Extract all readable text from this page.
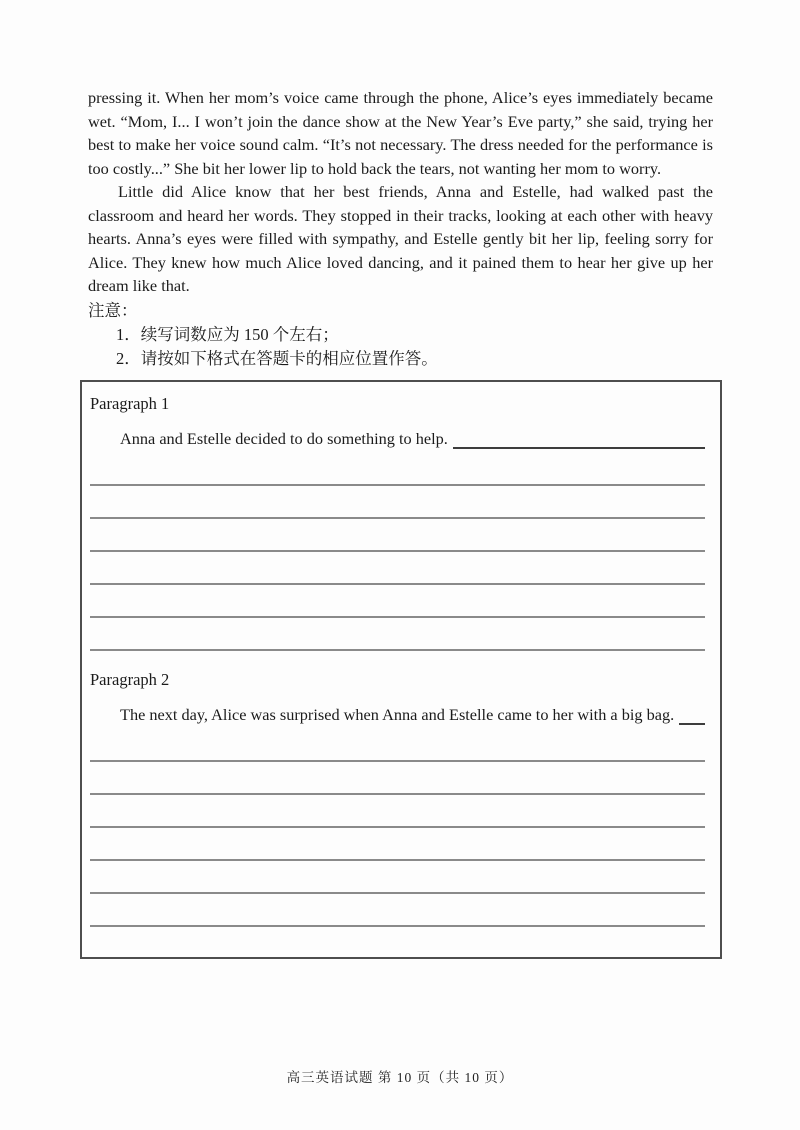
pressing it. When her mom’s voice came through the phone, Alice’s eyes immediately became wet. “Mom, I... I won’t join the dance show at the New Year’s Eve party,” she said, trying her best to make her voice sound calm. “It’s not necessary. The dress needed for the performance is too costly...” She bit her lower lip to hold back the tears, not wanting her mom to worry.

Little did Alice know that her best friends, Anna and Estelle, had walked past the classroom and heard her words. They stopped in their tracks, looking at each other with heavy hearts. Anna’s eyes were filled with sympathy, and Estelle gently bit her lip, feeling sorry for Alice. They knew how much Alice loved dancing, and it pained them to hear her give up her dream like that.

注意：
1．续写词数应为 150 个左右；
2．请按如下格式在答题卡的相应位置作答。
Paragraph 1
Anna and Estelle decided to do something to help.
Paragraph 2
The next day, Alice was surprised when Anna and Estelle came to her with a big bag.
高三英语试题 第 10 页（共 10 页）
